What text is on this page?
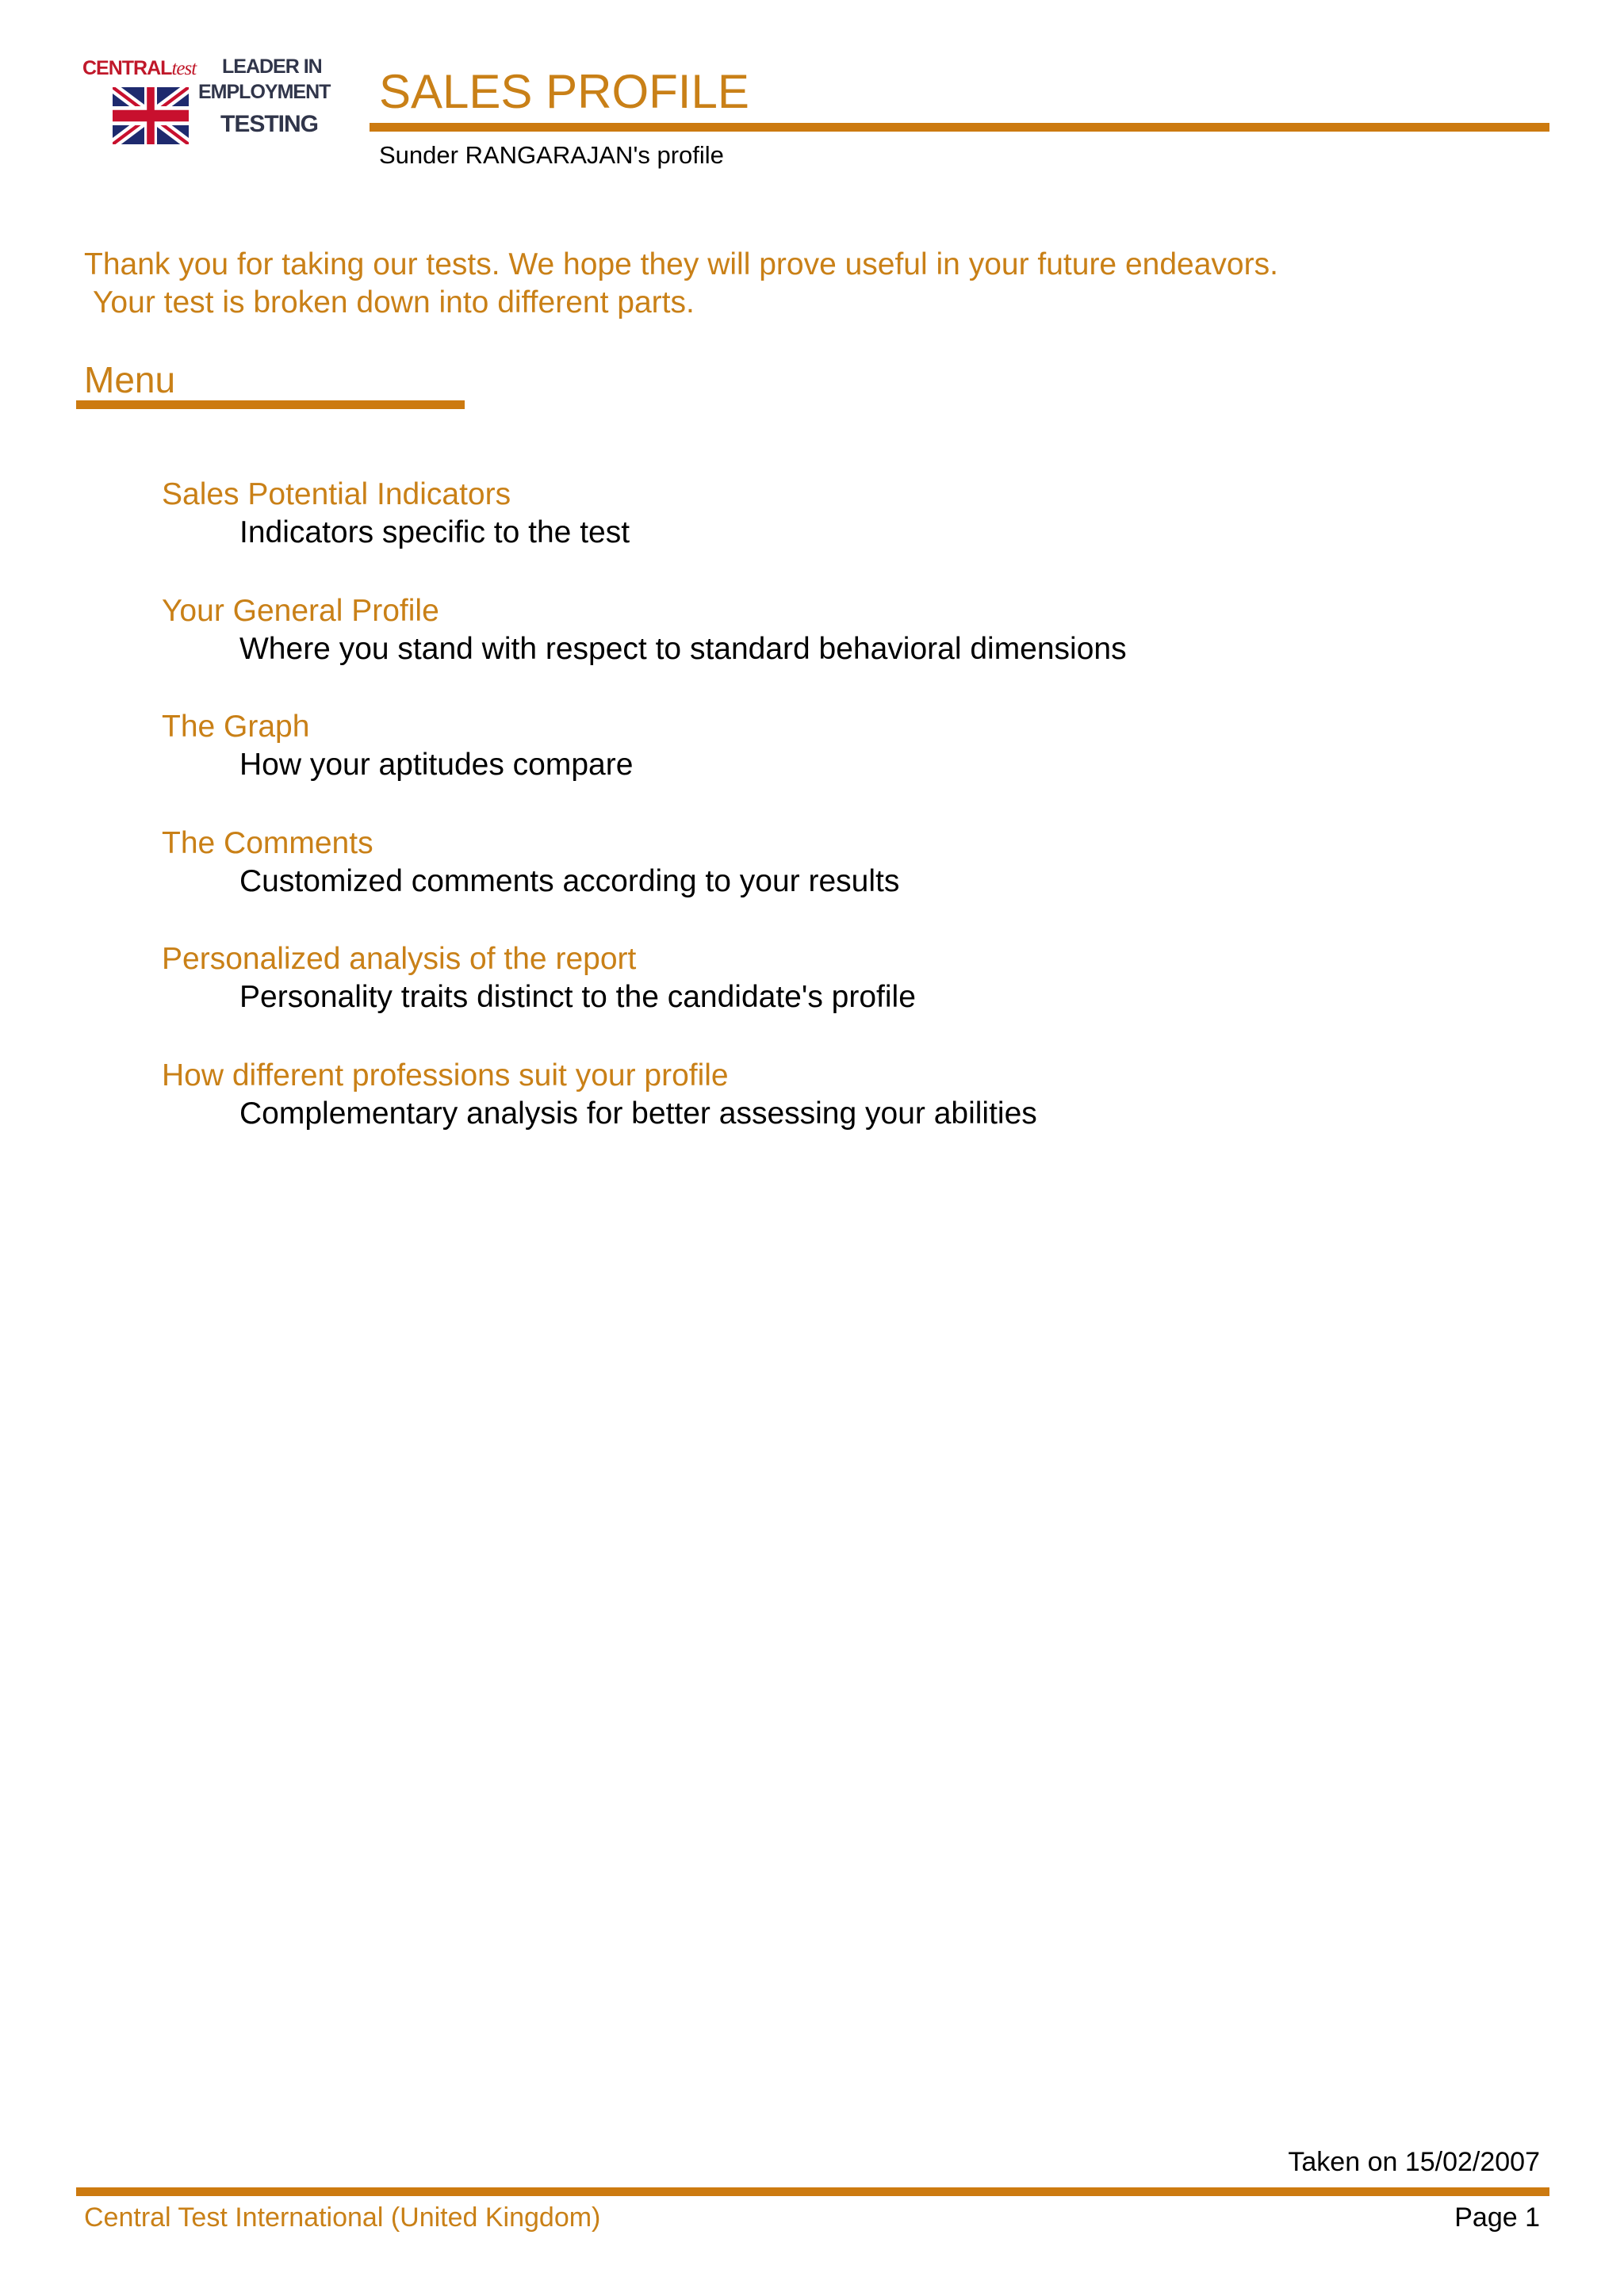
CENTRALtest LEADER IN
EMPLOYMENT
TESTING
SALES PROFILE
Sunder RANGARAJAN's profile
Thank you for taking our tests. We hope they will prove useful in your future endeavors.
Your test is broken down into different parts.
Menu
Sales Potential Indicators
Indicators specific to the test
Your General Profile
Where you stand with respect to standard behavioral dimensions
The Graph
How your aptitudes compare
The Comments
Customized comments according to your results
Personalized analysis of the report
Personality traits distinct to the candidate's profile
How different professions suit your profile
Complementary analysis for better assessing your abilities
Taken on 15/02/2007
Central Test International (United Kingdom)	Page 1
